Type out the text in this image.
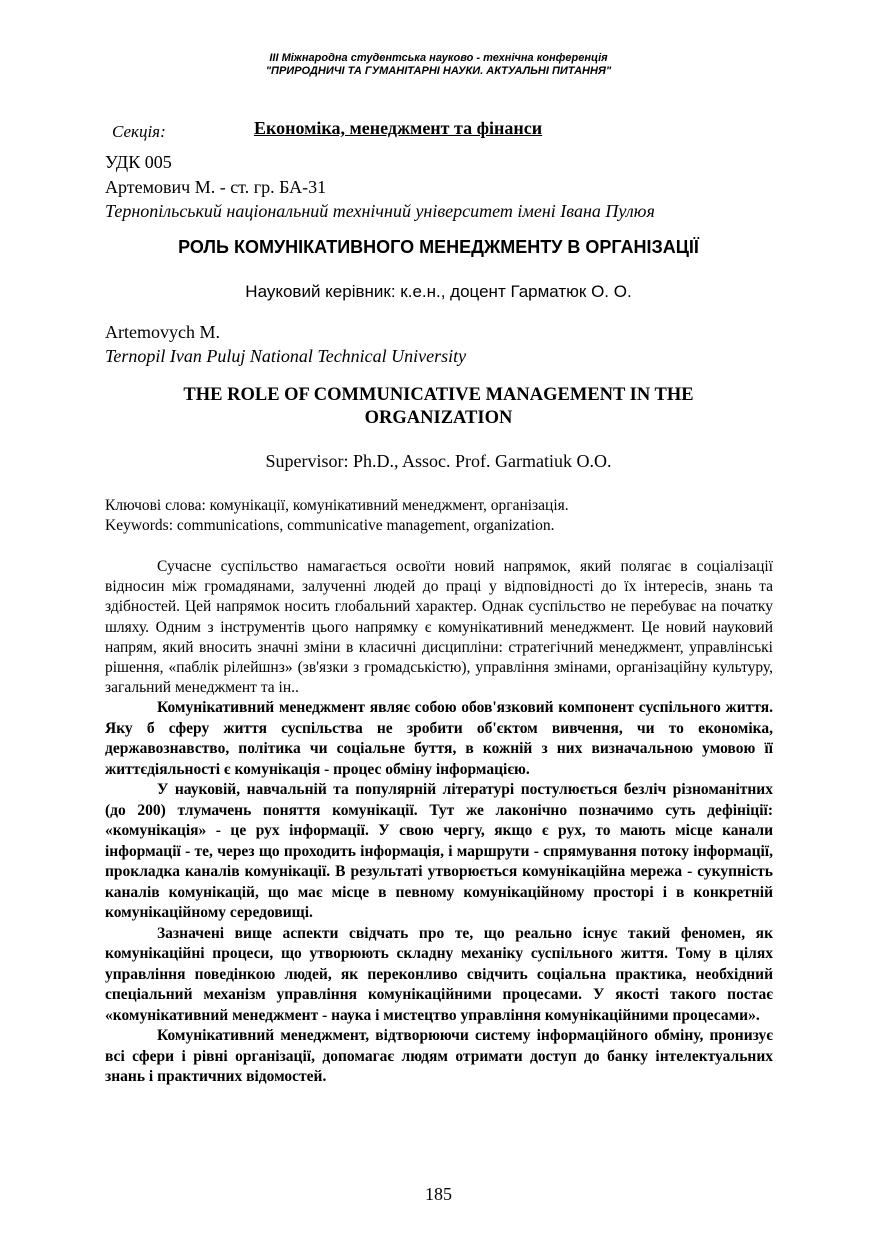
III Міжнародна студентська науково - технічна конференція
"ПРИРОДНИЧІ ТА ГУМАНІТАРНІ НАУКИ. АКТУАЛЬНІ ПИТАННЯ"
Секція:	Економіка, менеджмент та фінанси
УДК 005
Артемович М. - ст. гр. БА-31
Тернопільський національний технічний університет імені Івана Пулюя
РОЛЬ КОМУНІКАТИВНОГО МЕНЕДЖМЕНТУ В ОРГАНІЗАЦІЇ
Науковий керівник: к.е.н., доцент Гарматюк О. О.
Artemovych M.
Ternopil Ivan Puluj National Technical University
THE ROLE OF COMMUNICATIVE MANAGEMENT IN THE ORGANIZATION
Supervisor: Ph.D., Assoc. Prof. Garmatiuk O.O.
Ключові слова: комунікації, комунікативний менеджмент, організація.
Keywords: communications, communicative management, organization.

Сучасне суспільство намагається освоїти новий напрямок, який полягає в соціалізації відносин між громадянами, залученні людей до праці у відповідності до їх інтересів, знань та здібностей. Цей напрямок носить глобальний характер. Однак суспільство не перебуває на початку шляху. Одним з інструментів цього напрямку є комунікативний менеджмент. Це новий науковий напрям, який вносить значні зміни в класичні дисципліни: стратегічний менеджмент, управлінські рішення, «паблік рілейшнз» (зв'язки з громадськістю), управління змінами, організаційну культуру, загальний менеджмент та ін..

Комунікативний менеджмент являє собою обов'язковий компонент суспільного життя. Яку б сферу життя суспільства не зробити об'єктом вивчення, чи то економіка, державознавство, політика чи соціальне буття, в кожній з них визначальною умовою її життєдіяльності є комунікація - процес обміну інформацією.

У науковій, навчальній та популярній літературі постулюється безліч різноманітних (до 200) тлумачень поняття комунікації. Тут же лаконічно позначимо суть дефініції: «комунікація» - це рух інформації. У свою чергу, якщо є рух, то мають місце канали інформації - те, через що проходить інформація, і маршрути - спрямування потоку інформації, прокладка каналів комунікації. В результаті утворюється комунікаційна мережа - сукупність каналів комунікацій, що має місце в певному комунікаційному просторі і в конкретній комунікаційному середовищі.

Зазначені вище аспекти свідчать про те, що реально існує такий феномен, як комунікаційні процеси, що утворюють складну механіку суспільного життя. Тому в цілях управління поведінкою людей, як переконливо свідчить соціальна практика, необхідний спеціальний механізм управління комунікаційними процесами. У якості такого постає «комунікативний менеджмент - наука і мистецтво управління комунікаційними процесами».

Комунікативний менеджмент, відтворюючи систему інформаційного обміну, пронизує всі сфери і рівні організації, допомагає людям отримати доступ до банку інтелектуальних знань і практичних відомостей.

185
